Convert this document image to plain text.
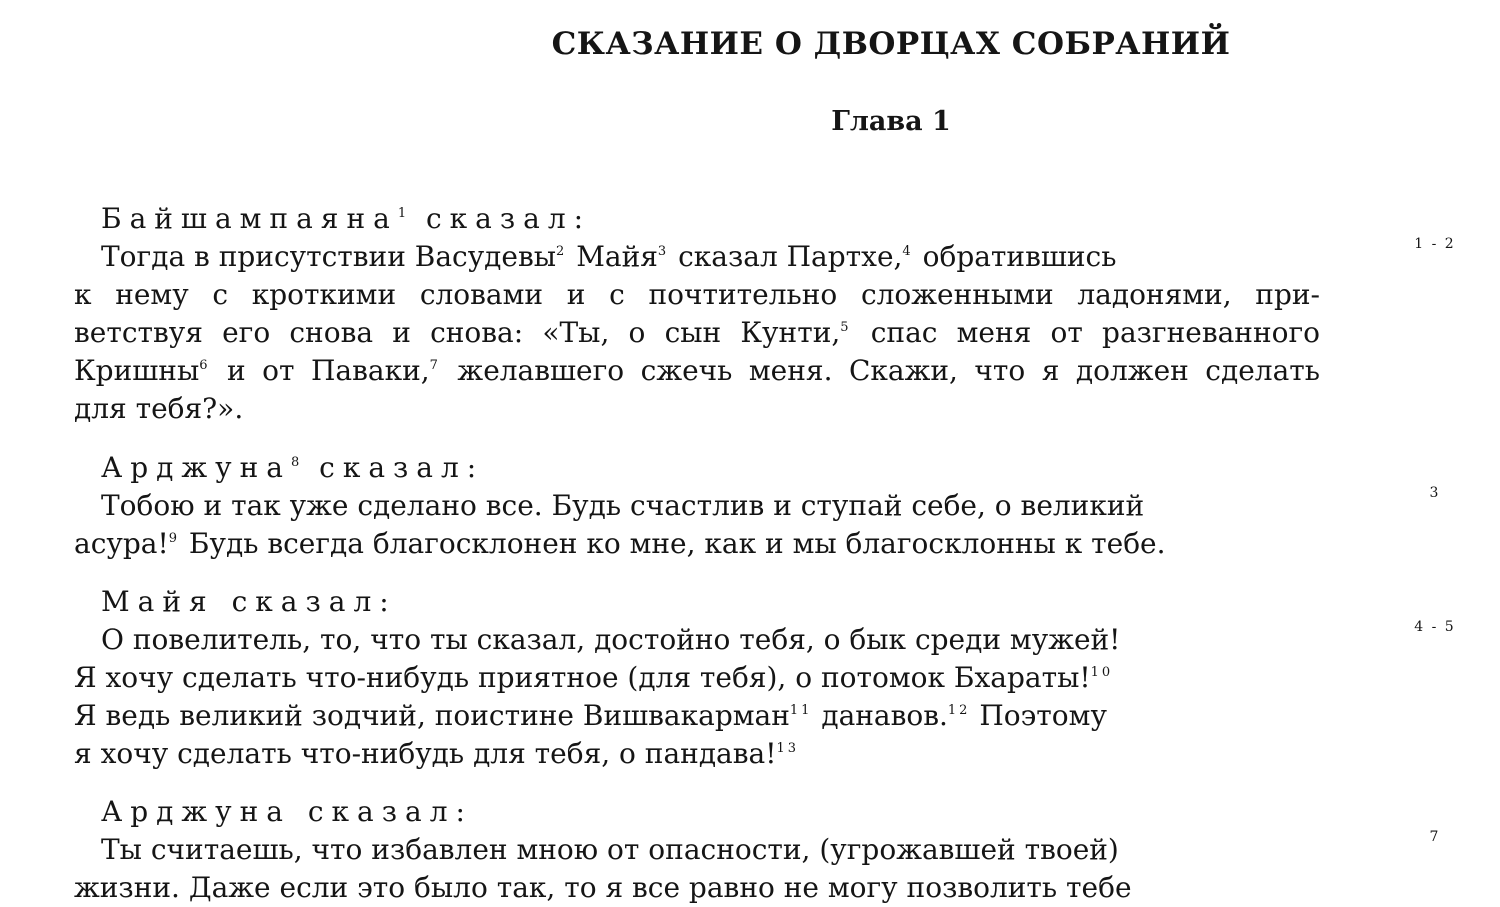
СКАЗАНИЕ О ДВОРЦАХ СОБРАНИЙ
Глава 1
Байшампаяна$^1$ сказал:
Тогда в присутствии Васудевы$^2$ Майя$^3$ сказал Партхе,$^4$ обратившись
к нему с кроткими словами и с почтительно сложенными ладонями, при-
ветствуя его снова и снова: «Ты, о сын Кунти,$^5$ спас меня от разгневанного
Кришны$^6$ и от Паваки,$^7$ желавшего сжечь меня. Скажи, что я должен сделать
для тебя?».
1 - 2
Арджуна$^8$ сказал:
Тобою и так уже сделано все. Будь счастлив и ступай себе, о великий
асура!$^9$ Будь всегда благосклонен ко мне, как и мы благосклонны к тебе.
3
Майя сказал:
О повелитель, то, что ты сказал, достойно тебя, о бык среди мужей!
Я хочу сделать что-нибудь приятное (для тебя), о потомок Бхараты!$^{10}$
Я ведь великий зодчий, поистине Вишвакарман$^{11}$ данавов.$^{12}$ Поэтому
я хочу сделать что-нибудь для тебя, о пандава!$^{13}$
4 - 5
Арджуна сказал:
Ты считаешь, что избавлен мною от опасности, (угрожавшей твоей)
жизни. Даже если это было так, то я все равно не могу позволить тебе
7
